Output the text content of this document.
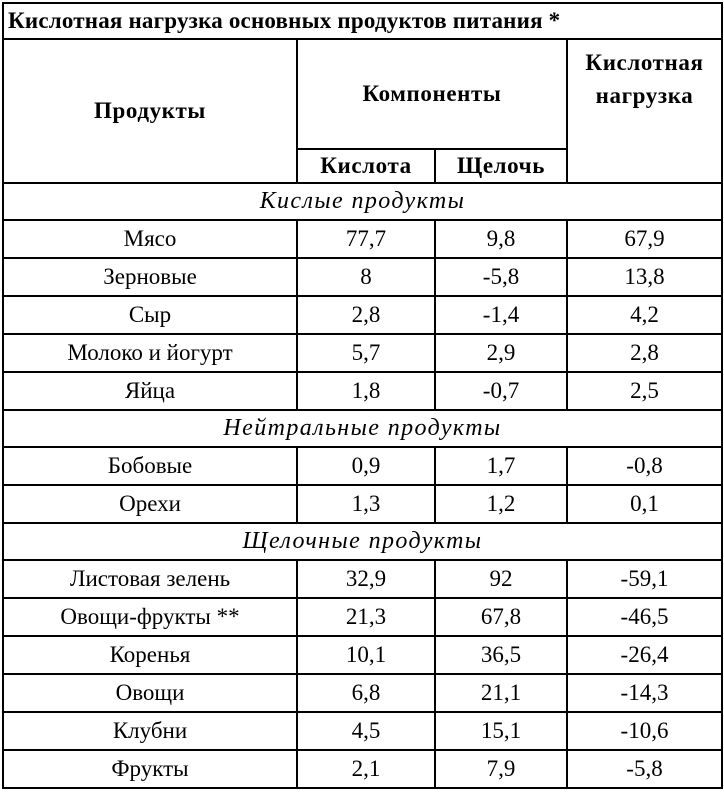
Кислотная нагрузка основных продуктов питания *			
Продукты	Компоненты		Кислотная нагрузка
	Кислота	Щелочь	
Кислые продукты			
Мясо	77,7	9,8	67,9
Зерновые	8	-5,8	13,8
Сыр	2,8	-1,4	4,2
Молоко и йогурт	5,7	2,9	2,8
Яйца	1,8	-0,7	2,5
Нейтральные продукты			
Бобовые	0,9	1,7	-0,8
Орехи	1,3	1,2	0,1
Щелочные продукты			
Листовая зелень	32,9	92	-59,1
Овощи-фрукты **	21,3	67,8	-46,5
Коренья	10,1	36,5	-26,4
Овощи	6,8	21,1	-14,3
Клубни	4,5	15,1	-10,6
Фрукты	2,1	7,9	-5,8
